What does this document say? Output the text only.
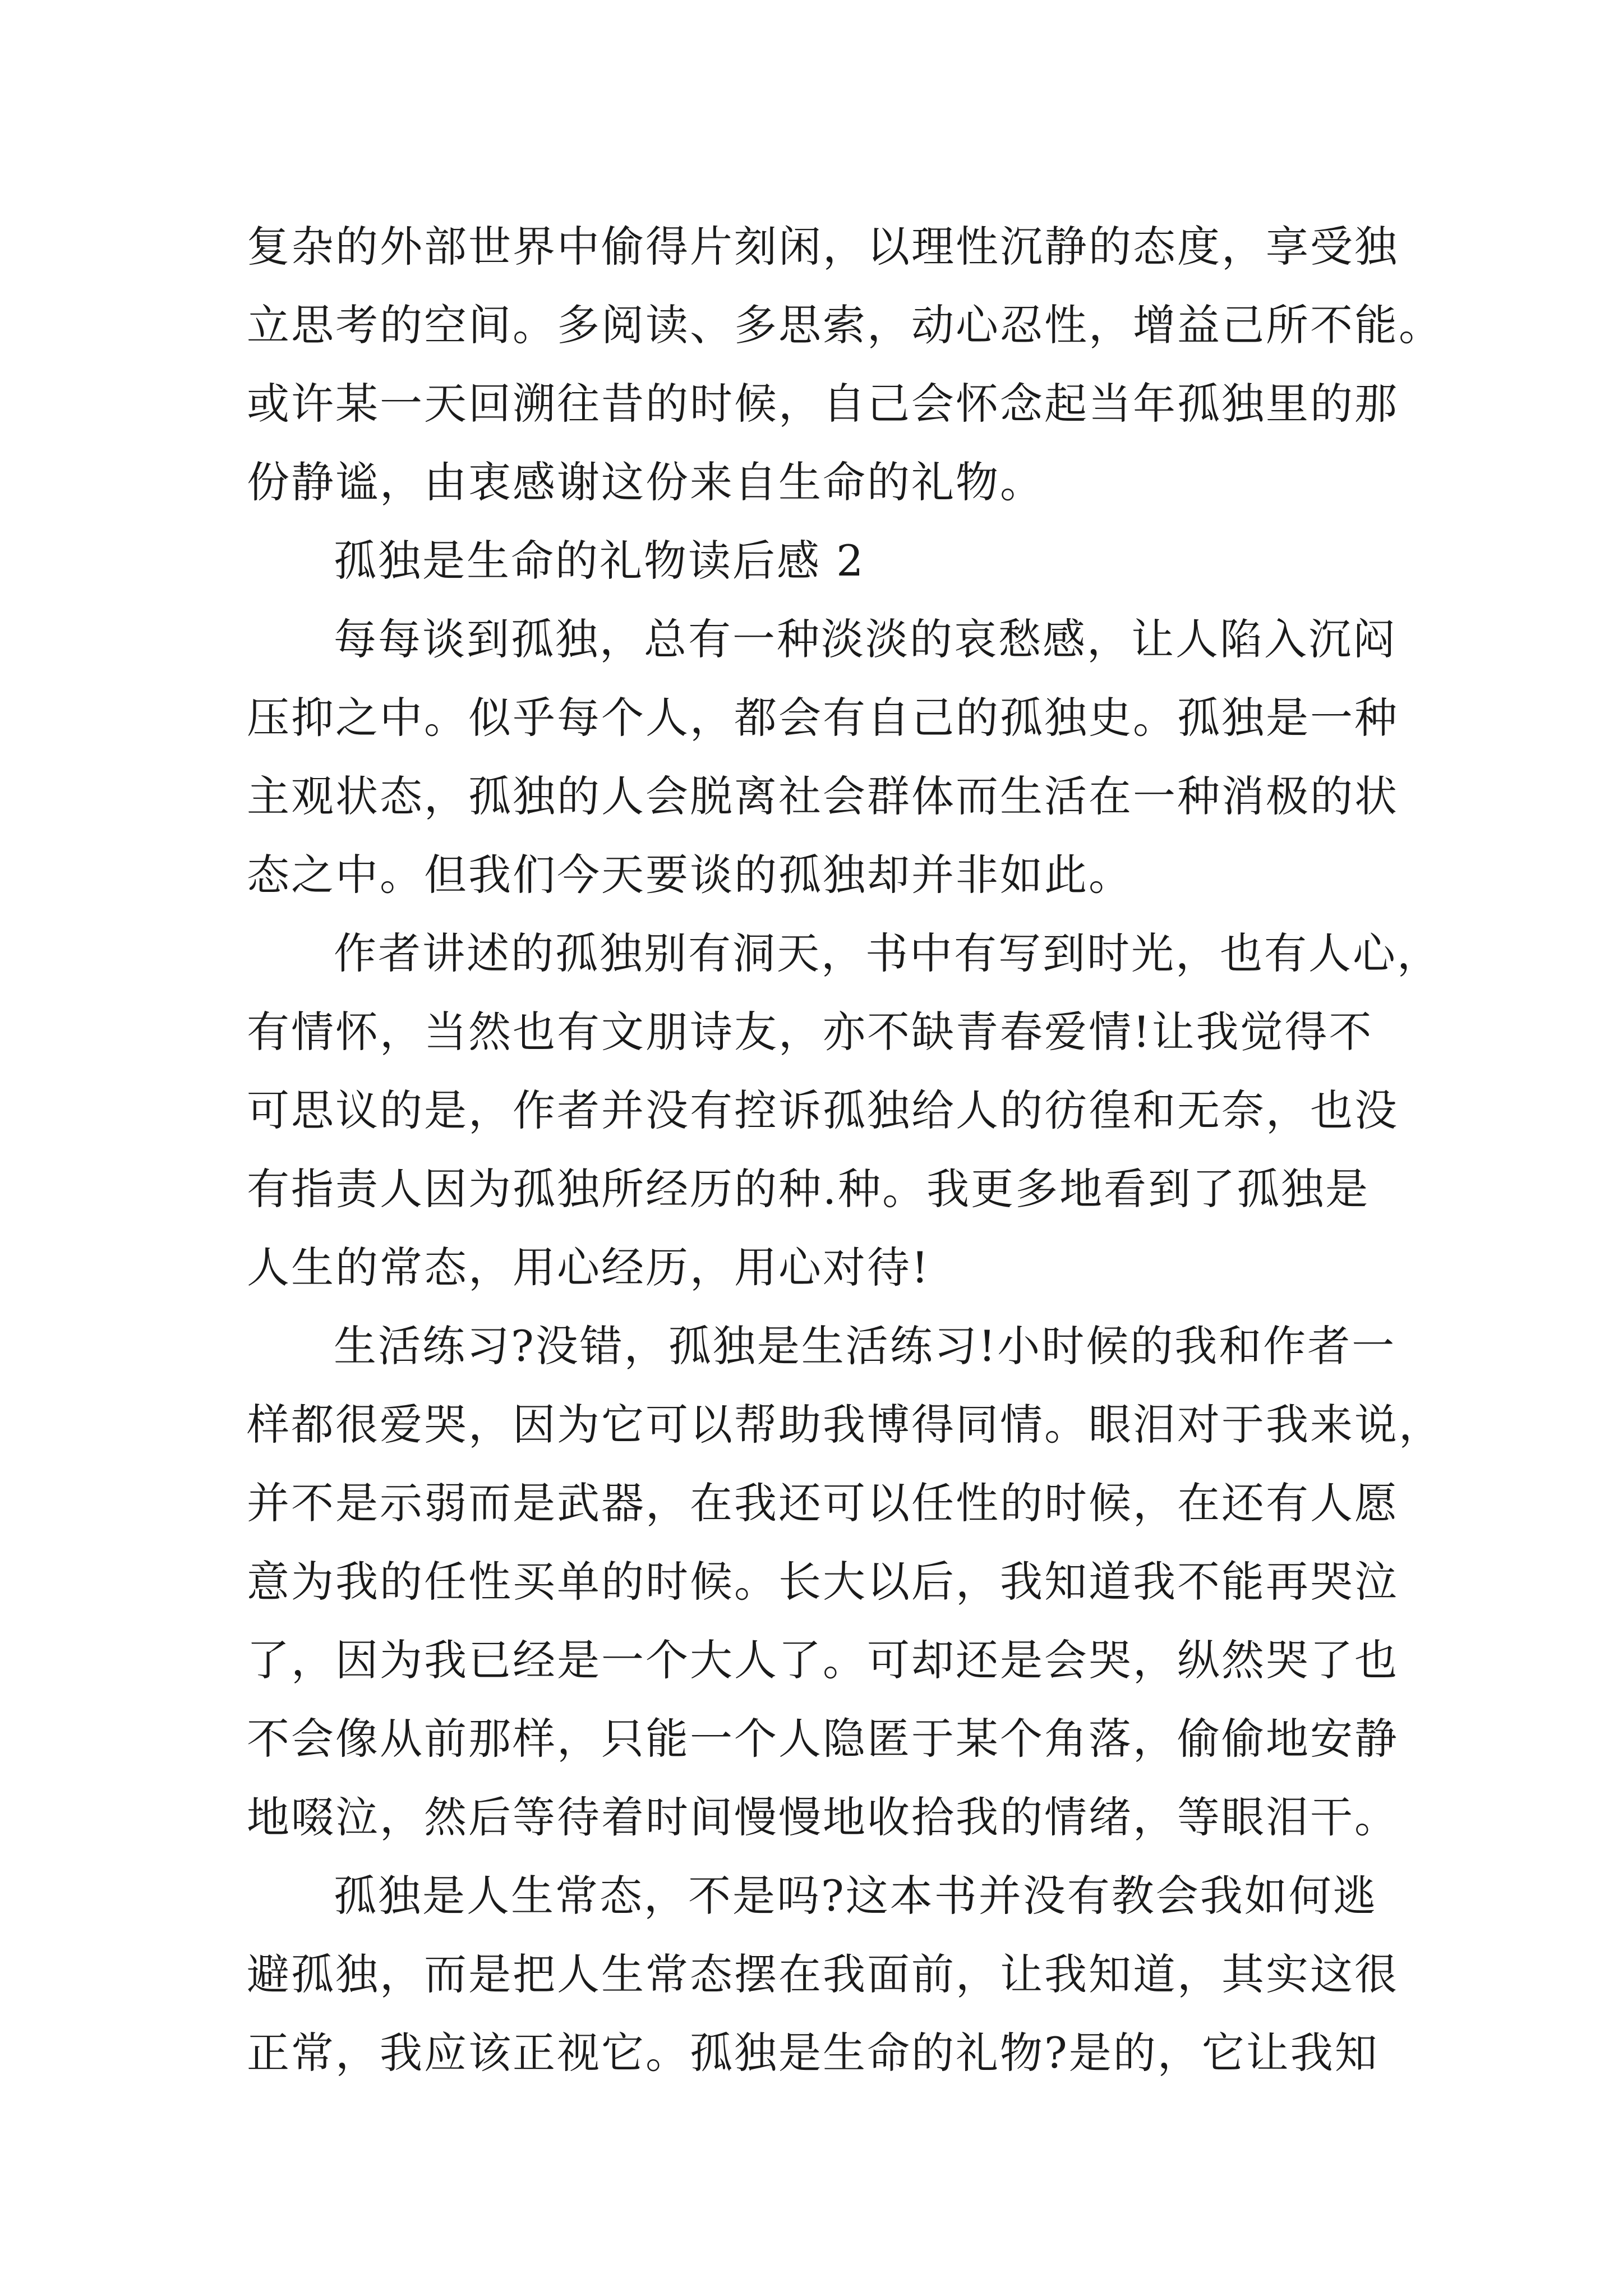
复杂的外部世界中偷得片刻闲，以理性沉静的态度，享受独
立思考的空间。多阅读、多思索，动心忍性，增益己所不能。
或许某一天回溯往昔的时候，自己会怀念起当年孤独里的那
份静谧，由衷感谢这份来自生命的礼物。
孤独是生命的礼物读后感 2
每每谈到孤独，总有一种淡淡的哀愁感，让人陷入沉闷
压抑之中。似乎每个人，都会有自己的孤独史。孤独是一种
主观状态，孤独的人会脱离社会群体而生活在一种消极的状
态之中。但我们今天要谈的孤独却并非如此。
作者讲述的孤独别有洞天，书中有写到时光，也有人心，
有情怀，当然也有文朋诗友，亦不缺青春爱情!让我觉得不
可思议的是，作者并没有控诉孤独给人的彷徨和无奈，也没
有指责人因为孤独所经历的种.种。我更多地看到了孤独是
人生的常态，用心经历，用心对待!
生活练习?没错，孤独是生活练习!小时候的我和作者一
样都很爱哭，因为它可以帮助我博得同情。眼泪对于我来说，
并不是示弱而是武器，在我还可以任性的时候，在还有人愿
意为我的任性买单的时候。长大以后，我知道我不能再哭泣
了，因为我已经是一个大人了。可却还是会哭，纵然哭了也
不会像从前那样，只能一个人隐匿于某个角落，偷偷地安静
地啜泣，然后等待着时间慢慢地收拾我的情绪，等眼泪干。
孤独是人生常态，不是吗?这本书并没有教会我如何逃
避孤独，而是把人生常态摆在我面前，让我知道，其实这很
正常，我应该正视它。孤独是生命的礼物?是的，它让我知
